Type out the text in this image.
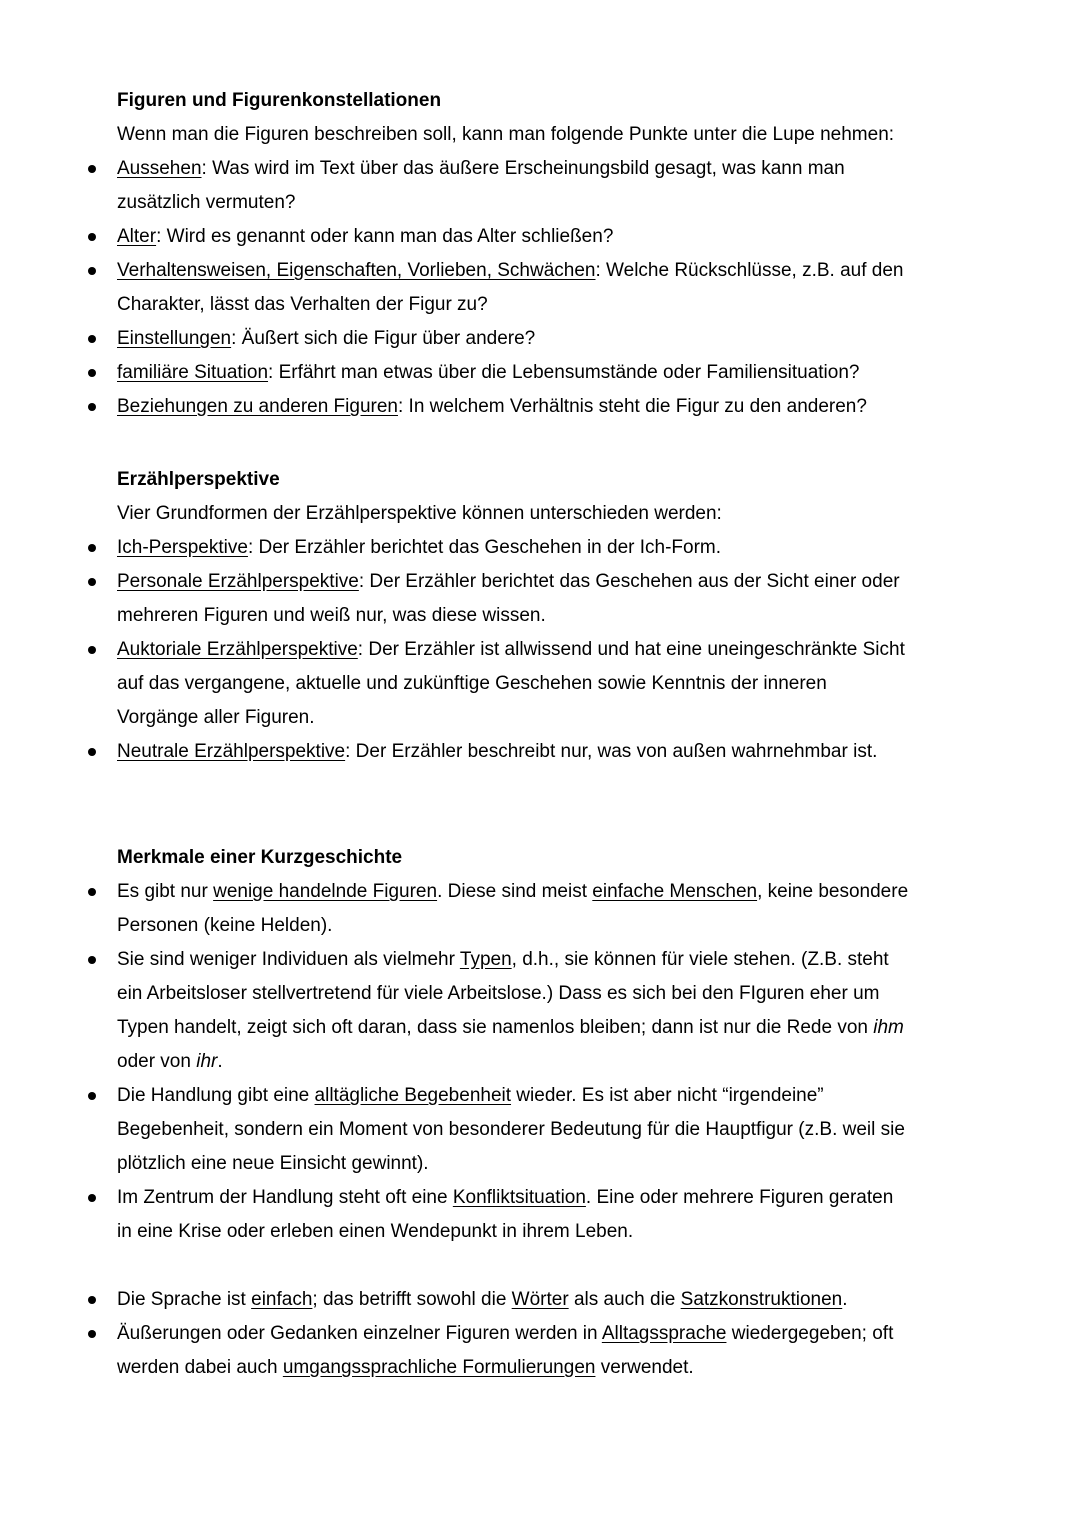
Figuren und Figurenkonstellationen

Wenn man die Figuren beschreiben soll, kann man folgende Punkte unter die Lupe nehmen:

Aussehen: Was wird im Text über das äußere Erscheinungsbild gesagt, was kann man
zusätzlich vermuten?
Alter: Wird es genannt oder kann man das Alter schließen?
Verhaltensweisen, Eigenschaften, Vorlieben, Schwächen: Welche Rückschlüsse, z.B. auf den
Charakter, lässt das Verhalten der Figur zu?
Einstellungen: Äußert sich die Figur über andere?
familiäre Situation: Erfährt man etwas über die Lebensumstände oder Familiensituation?
Beziehungen zu anderen Figuren: In welchem Verhältnis steht die Figur zu den anderen?
Erzählperspektive

Vier Grundformen der Erzählperspektive können unterschieden werden:

Ich-Perspektive: Der Erzähler berichtet das Geschehen in der Ich-Form.
Personale Erzählperspektive: Der Erzähler berichtet das Geschehen aus der Sicht einer oder
mehreren Figuren und weiß nur, was diese wissen.
Auktoriale Erzählperspektive: Der Erzähler ist allwissend und hat eine uneingeschränkte Sicht
auf das vergangene, aktuelle und zukünftige Geschehen sowie Kenntnis der inneren
Vorgänge aller Figuren.
Neutrale Erzählperspektive: Der Erzähler beschreibt nur, was von außen wahrnehmbar ist.
Merkmale einer Kurzgeschichte
Es gibt nur wenige handelnde Figuren. Diese sind meist einfache Menschen, keine besondere
Personen (keine Helden).
Sie sind weniger Individuen als vielmehr Typen, d.h., sie können für viele stehen. (Z.B. steht
ein Arbeitsloser stellvertretend für viele Arbeitslose.) Dass es sich bei den FIguren eher um
Typen handelt, zeigt sich oft daran, dass sie namenlos bleiben; dann ist nur die Rede von ihm
oder von ihr.
Die Handlung gibt eine alltägliche Begebenheit wieder. Es ist aber nicht “irgendeine”
Begebenheit, sondern ein Moment von besonderer Bedeutung für die Hauptfigur (z.B. weil sie
plötzlich eine neue Einsicht gewinnt).
Im Zentrum der Handlung steht oft eine Konfliktsituation. Eine oder mehrere Figuren geraten
in eine Krise oder erleben einen Wendepunkt in ihrem Leben.
Die Sprache ist einfach; das betrifft sowohl die Wörter als auch die Satzkonstruktionen.
Äußerungen oder Gedanken einzelner Figuren werden in Alltagssprache wiedergegeben; oft
werden dabei auch umgangssprachliche Formulierungen verwendet.
